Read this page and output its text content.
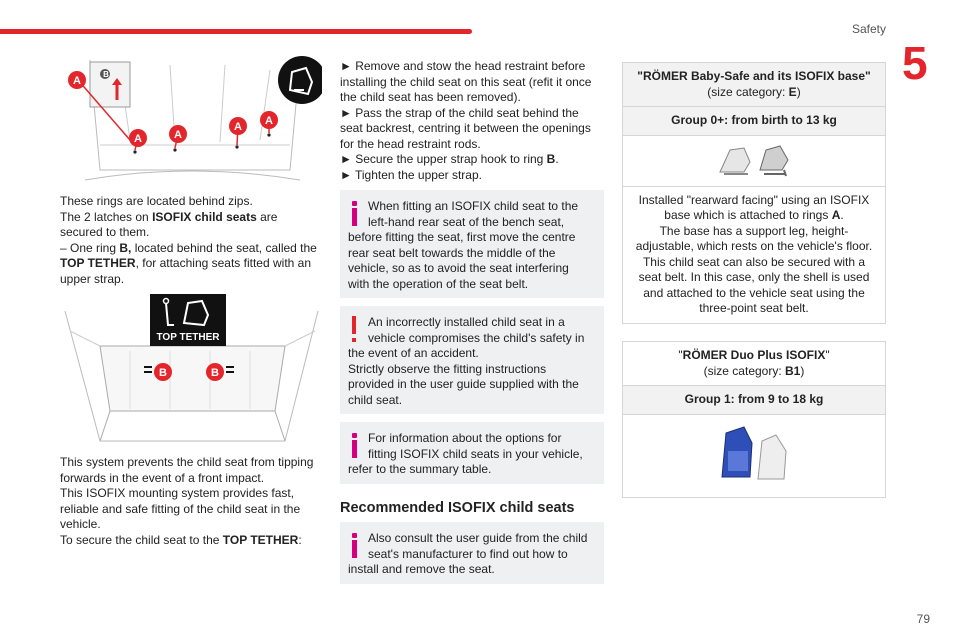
Safety
5
79
A
A	A
A A
B

These rings are located behind zips.

The 2 latches on ISOFIX child seats are

secured to them.

– One ring B, located behind the seat, called the

TOP TETHER, for attaching seats fitted with an

upper strap.

TOP TETHER
B	B

This system prevents the child seat from tipping

forwards in the event of a front impact.

This ISOFIX mounting system provides fast,

reliable and safe fitting of the child seat in the

vehicle.

To secure the child seat to the TOP TETHER:

► Remove and stow the head restraint before

installing the child seat on this seat (refit it once

the child seat has been removed).

► Pass the strap of the child seat behind the

seat backrest, centring it between the openings

for the head restraint rods.

► Secure the upper strap hook to ring B.

► Tighten the upper strap.

When fitting an ISOFIX child seat to the
left-hand rear seat of the bench seat,
before fitting the seat, first move the centre
rear seat belt towards the middle of the
vehicle, so as to avoid the seat interfering
with the operation of the seat belt.
An incorrectly installed child seat in a
vehicle compromises the child's safety in
the event of an accident.
Strictly observe the fitting instructions
provided in the user guide supplied with the
child seat.
For information about the options for
fitting ISOFIX child seats in your vehicle,
refer to the summary table.
Recommended ISOFIX child seats
Also consult the user guide from the child
seat's manufacturer to find out how to
install and remove the seat.
"RÖMER Baby-Safe and its ISOFIX base"
(size category: E)
Group 0+: from birth to 13 kg
Installed "rearward facing" using an ISOFIX
base which is attached to rings A.
The base has a support leg, height-
adjustable, which rests on the vehicle's floor.
This child seat can also be secured with a
seat belt. In this case, only the shell is used
and attached to the vehicle seat using the
three-point seat belt.
"RÖMER Duo Plus ISOFIX"
(size category: B1)
Group 1: from 9 to 18 kg
